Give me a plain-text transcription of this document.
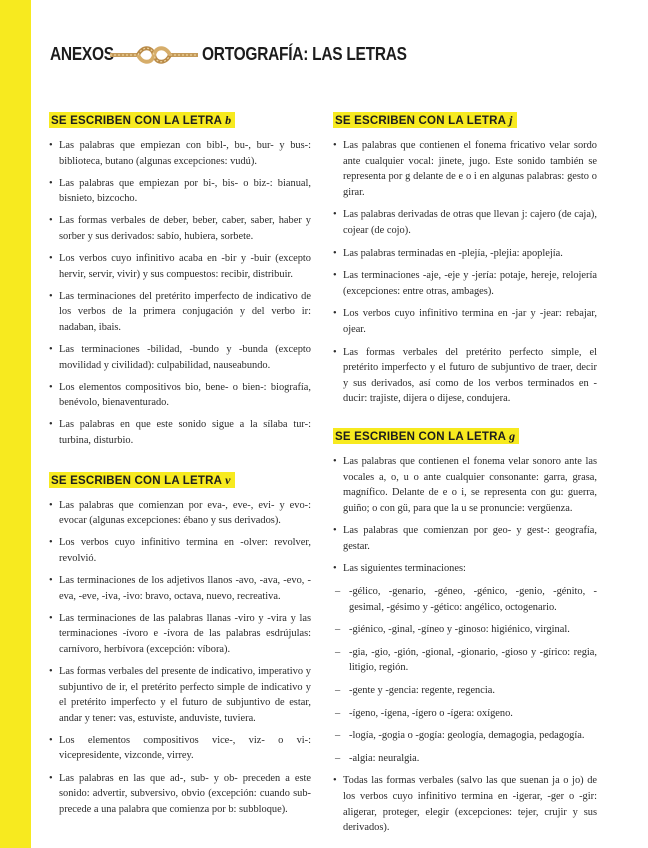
ANEXOS	ORTOGRAFÍA: LAS LETRAS
SE ESCRIBEN CON LA LETRA b
• Las palabras que empiezan con bibl-, bu-, bur- y bus-: biblioteca, butano (algunas excepciones: vudú).
• Las palabras que empiezan por bi-, bis- o biz-: bianual, bisnieto, bizcocho.
• Las formas verbales de deber, beber, caber, saber, haber y sorber y sus derivados: sabío, hubiera, sorbete.
• Los verbos cuyo infinitivo acaba en -bir y -buir (excepto hervir, servir, vivir) y sus compuestos: recibir, distribuir.
• Las terminaciones del pretérito imperfecto de indicativo de los verbos de la primera conjugación y del verbo ir: nadaban, ibais.
• Las terminaciones -bilidad, -bundo y -bunda (excepto movilidad y civilidad): culpabilidad, nauseabundo.
• Los elementos compositivos bio, bene- o bien-: biografía, benévolo, bienaventurado.
• Las palabras en que este sonido sigue a la sílaba tur-: turbina, disturbio.
SE ESCRIBEN CON LA LETRA v
• Las palabras que comienzan por eva-, eve-, evi- y evo-: evocar (algunas excepciones: ébano y sus derivados).
• Los verbos cuyo infinitivo termina en -olver: revolver, revolvió.
• Las terminaciones de los adjetivos llanos -avo, -ava, -evo, -eva, -eve, -iva, -ivo: bravo, octava, nuevo, recreativa.
• Las terminaciones de las palabras llanas -viro y -vira y las terminaciones -ívoro e -ívora de las palabras esdrújulas: carnívoro, herbívora (excepción: víbora).
• Las formas verbales del presente de indicativo, imperativo y subjuntivo de ir, el pretérito perfecto simple de indicativo y el pretérito imperfecto y el futuro de subjuntivo de estar, andar y tener: vas, estuviste, anduviste, tuviera.
• Los elementos compositivos vice-, viz- o vi-: vicepresidente, vizconde, virrey.
• Las palabras en las que ad-, sub- y ob- preceden a este sonido: advertir, subversivo, obvio (excepción: cuando sub- precede a una palabra que comienza por b: subbloque).
SE ESCRIBEN CON LA LETRA j
• Las palabras que contienen el fonema fricativo velar sordo ante cualquier vocal: jinete, jugo. Este sonido también se representa por g delante de e o i en algunas palabras: gesto o girar.
• Las palabras derivadas de otras que llevan j: cajero (de caja), cojear (de cojo).
• Las palabras terminadas en -plejía, -plejia: apoplejía.
• Las terminaciones -aje, -eje y -jería: potaje, hereje, relojería (excepciones: entre otras, ambages).
• Los verbos cuyo infinitivo termina en -jar y -jear: rebajar, ojear.
• Las formas verbales del pretérito perfecto simple, el pretérito imperfecto y el futuro de subjuntivo de traer, decir y sus derivados, así como de los verbos terminados en -ducir: trajiste, dijera o dijese, condujera.
SE ESCRIBEN CON LA LETRA g
• Las palabras que contienen el fonema velar sonoro ante las vocales a, o, u o ante cualquier consonante: garra, grasa, magnífico. Delante de e o i, se representa con gu: guerra, guiño; o con gü, para que la u se pronuncie: vergüenza.
• Las palabras que comienzan por geo- y gest-: geografía, gestar.
• Las siguientes terminaciones:
– -gélico, -genario, -géneo, -génico, -genio, -génito, -gesimal, -gésimo y -gético: angélico, octogenario.
– -giénico, -ginal, -gíneo y -ginoso: higiénico, virginal.
– -gia, -gio, -gión, -gional, -gionario, -gioso y -gírico: regia, litigio, región.
– -gente y -gencia: regente, regencia.
– -ígeno, -ígena, -ígero o -ígera: oxígeno.
– -logía, -gogia o -gogía: geología, demagogia, pedagogía.
– -algia: neuralgia.
• Todas las formas verbales (salvo las que suenan ja o jo) de los verbos cuyo infinitivo termina en -igerar, -ger o -gir: aligerar, proteger, elegir (excepciones: tejer, crujir y sus derivados).
